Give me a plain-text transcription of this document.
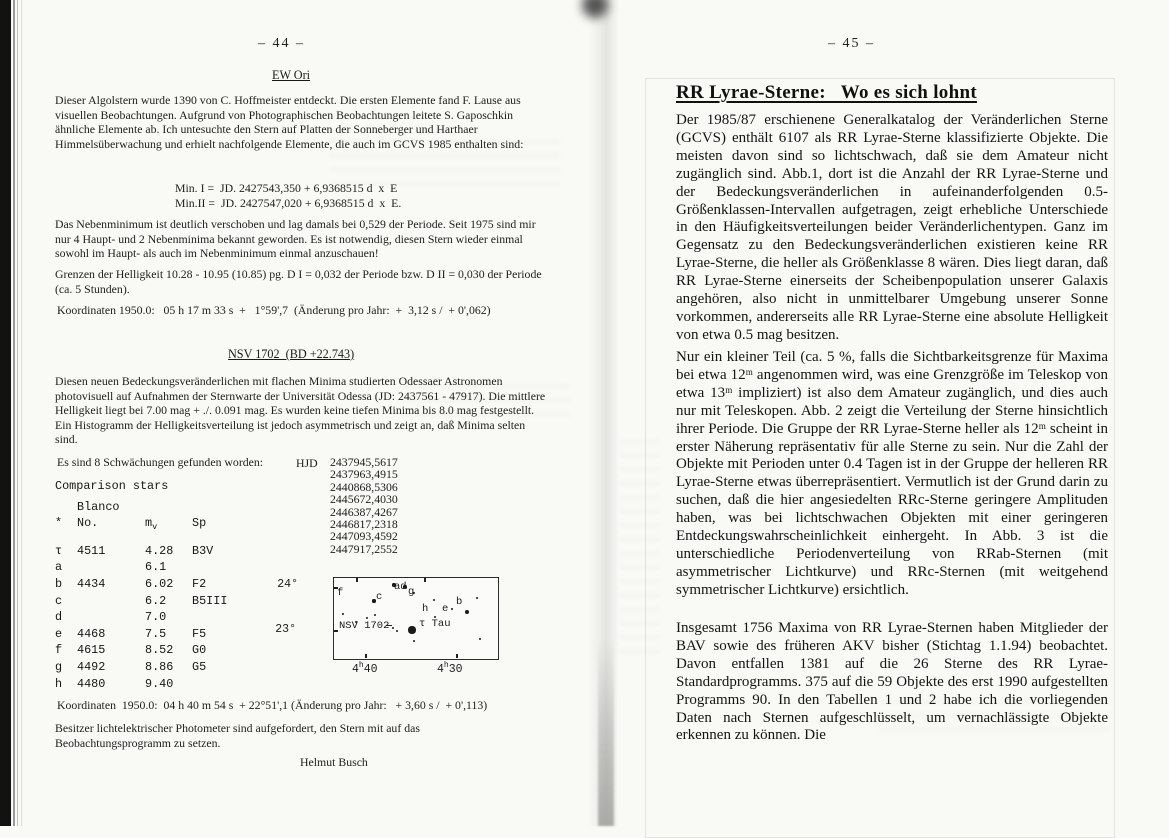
– 44 –
EW Ori
Dieser Algolstern wurde 1390 von C. Hoffmeister entdeckt. Die ersten Elemente fand F. Lause aus visuellen Beobachtungen. Aufgrund von Photographischen Beobachtungen leitete S. Gaposchkin ähnliche Elemente ab. Ich untesuchte den Stern auf Platten der Sonneberger und Harthaer Himmelsüberwachung und erhielt nachfolgende Elemente, die auch im GCVS 1985 enthalten sind:
Min. I =  JD. 2427543,350 + 6,9368515 d  x  E
Min.II =  JD. 2427547,020 + 6,9368515 d  x  E.
Das Nebenminimum ist deutlich verschoben und lag damals bei 0,529 der Periode. Seit 1975 sind mir nur 4 Haupt- und 2 Nebenminima bekannt geworden. Es ist notwendig, diesen Stern wieder einmal sowohl im Haupt- als auch im Nebenminimum einmal anzuschauen!
Grenzen der Helligkeit 10.28 - 10.95 (10.85) pg. D I = 0,032 der Periode bzw. D II = 0,030 der Periode (ca. 5 Stunden).
Koordinaten 1950.0:   05 h 17 m 33 s  +   1°59',7  (Änderung pro Jahr:  +  3,12 s /  + 0',062)
NSV 1702  (BD +22.743)
Diesen neuen Bedeckungsveränderlichen mit flachen Minima studierten Odessaer Astronomen photovisuell auf Aufnahmen der Sternwarte der Universität Odessa (JD: 2437561 - 47917). Die mittlere Helligkeit liegt bei 7.00 mag + ./. 0.091 mag. Es wurden keine tiefen Minima bis 8.0 mag festgestellt. Ein Histogramm der Helligkeitsverteilung ist jedoch asymmetrisch und zeigt an, daß Minima selten sind.
Es sind 8 Schwächungen gefunden worden:	HJD 2437945,5617
2437963,4915
2440868,5306
2445672,4030
2446387,4267
2446817,2318
2447093,4592
2447917,2552
Comparison stars
*Blanco No.	mv	Sp
τ 4511	4.28 B3V
a	6.1
b 4434	6.02 F2
c	6.2 B5III
d	7.0
e 4468	7.5 F5
f 4615	8.52 G0
g 4492	8.86 G5
h 4480	9.40
24°
23°
f	c
ad g
h e
b
τ Tau
NSV 1702
4$^h$40	4$^h$30
Koordinaten  1950.0:  04 h 40 m 54 s  + 22°51',1 (Änderung pro Jahr:   + 3,60 s /  + 0',113)
Besitzer lichtelektrischer Photometer sind aufgefordert, den Stern mit auf das Beobachtungsprogramm zu setzen.
Helmut Busch
– 45 –
RR Lyrae-Sterne:   Wo es sich lohnt
Der 1985/87 erschienene Generalkatalog der Veränderlichen Sterne (GCVS) enthält 6107 als RR Lyrae-Sterne klassifizierte Objekte. Die meisten davon sind so lichtschwach, daß sie dem Amateur nicht zugänglich sind. Abb.1, dort ist die Anzahl der RR Lyrae-Sterne und der Bedeckungsveränderlichen in aufeinanderfolgenden 0.5-Größenklassen-Intervallen aufgetragen, zeigt erhebliche Unterschiede in den Häufigkeitsverteilungen beider Veränderlichentypen. Ganz im Gegensatz zu den Bedeckungsveränderlichen existieren keine RR Lyrae-Sterne, die heller als Größenklasse 8 wären. Dies liegt daran, daß RR Lyrae-Sterne einerseits der Scheibenpopulation unserer Galaxis angehören, also nicht in unmittelbarer Umgebung unserer Sonne vorkommen, andererseits alle RR Lyrae-Sterne eine absolute Helligkeit von etwa 0.5 mag besitzen.
Nur ein kleiner Teil (ca. 5 %, falls die Sichtbarkeitsgrenze für Maxima bei etwa 12ᵐ angenommen wird, was eine Grenzgröße im Teleskop von etwa 13ᵐ impliziert) ist also dem Amateur zugänglich, und dies auch nur mit Teleskopen. Abb. 2 zeigt die Verteilung der Sterne hinsichtlich ihrer Periode. Die Gruppe der RR Lyrae-Sterne heller als 12ᵐ scheint in erster Näherung repräsentativ für alle Sterne zu sein. Nur die Zahl der Objekte mit Perioden unter 0.4 Tagen ist in der Gruppe der helleren RR Lyrae-Sterne etwas überrepräsentiert. Vermutlich ist der Grund darin zu suchen, daß die hier angesiedelten RRc-Sterne geringere Amplituden haben, was bei lichtschwachen Objekten mit einer geringeren Entdeckungswahrscheinlichkeit einhergeht. In Abb. 3 ist die unterschiedliche Periodenverteilung von RRab-Sternen (mit asymmetrischer Lichtkurve) und RRc-Sternen (mit weitgehend symmetrischer Lichtkurve) ersichtlich.
Insgesamt 1756 Maxima von RR Lyrae-Sternen haben Mitglieder der BAV sowie des früheren AKV bisher (Stichtag 1.1.94) beobachtet. Davon entfallen 1381 auf die 26 Sterne des RR Lyrae-Standardprogramms. 375 auf die 59 Objekte des erst 1990 aufgestellten Programms 90. In den Tabellen 1 und 2 habe ich die vorliegenden Daten nach Sternen aufgeschlüsselt, um vernachlässigte Objekte erkennen zu können. Die
